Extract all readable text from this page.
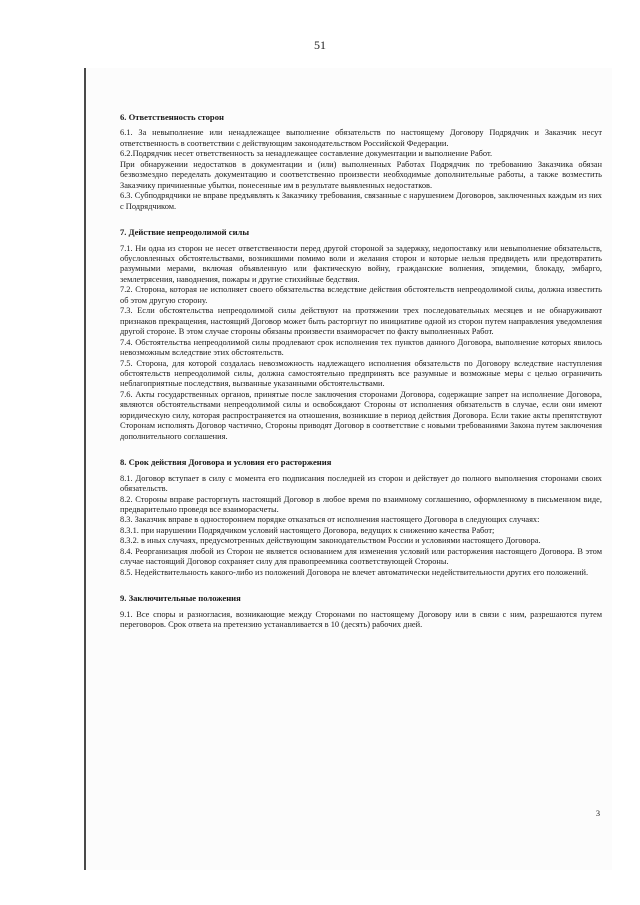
51
6. Ответственность сторон

6.1. За невыполнение или ненадлежащее выполнение обязательств по настоящему Договору Подрядчик и Заказчик несут ответственность в соответствии с действующим законодательством Российской Федерации.

6.2.Подрядчик несет ответственность за ненадлежащее составление документации и выполнение Работ.

При обнаружении недостатков в документации и (или) выполненных Работах Подрядчик по требованию Заказчика обязан безвозмездно переделать документацию и соответственно произвести необходимые дополнительные работы, а также возместить Заказчику причиненные убытки, понесенные им в результате выявленных недостатков.

6.3. Субподрядчики не вправе предъявлять к Заказчику требования, связанные с нарушением Договоров, заключенных каждым из них с Подрядчиком.

7. Действие непреодолимой силы

7.1. Ни одна из сторон не несет ответственности перед другой стороной за задержку, недопоставку или невыполнение обязательств, обусловленных обстоятельствами, возникшими помимо воли и желания сторон и которые нельзя предвидеть или предотвратить разумными мерами, включая объявленную или фактическую войну, гражданские волнения, эпидемии, блокаду, эмбарго, землетрясения, наводнения, пожары и другие стихийные бедствия.

7.2. Сторона, которая не исполняет своего обязательства вследствие действия обстоятельств непреодолимой силы, должна известить об этом другую сторону.

7.3. Если обстоятельства непреодолимой силы действуют на протяжении трех последовательных месяцев и не обнаруживают признаков прекращения, настоящий Договор может быть расторгнут по инициативе одной из сторон путем направления уведомления другой стороне. В этом случае стороны обязаны произвести взаиморасчет по факту выполненных Работ.

7.4. Обстоятельства непреодолимой силы продлевают срок исполнения тех пунктов данного Договора, выполнение которых явилось невозможным вследствие этих обстоятельств.

7.5. Сторона, для которой создалась невозможность надлежащего исполнения обязательств по Договору вследствие наступления обстоятельств непреодолимой силы, должна самостоятельно предпринять все разумные и возможные меры с целью ограничить неблагоприятные последствия, вызванные указанными обстоятельствами.

7.6. Акты государственных органов, принятые после заключения сторонами Договора, содержащие запрет на исполнение Договора, являются обстоятельствами непреодолимой силы и освобождают Стороны от исполнения обязательств в случае, если они имеют юридическую силу, которая распространяется на отношения, возникшие в период действия Договора. Если такие акты препятствуют Сторонам исполнять Договор частично, Стороны приводят Договор в соответствие с новыми требованиями Закона путем заключения дополнительного соглашения.

8. Срок действия Договора и условия его расторжения

8.1. Договор вступает в силу с момента его подписания последней из сторон и действует до полного выполнения сторонами своих обязательств.

8.2. Стороны вправе расторгнуть настоящий Договор в любое время по взаимному соглашению, оформленному в письменном виде, предварительно проведя все взаиморасчеты.

8.3. Заказчик вправе в одностороннем порядке отказаться от исполнения настоящего Договора в следующих случаях:

8.3.1. при нарушении Подрядчиком условий настоящего Договора, ведущих к снижению качества Работ;

8.3.2. в иных случаях, предусмотренных действующим законодательством России и условиями настоящего Договора.

8.4. Реорганизация любой из Сторон не является основанием для изменения условий или расторжения настоящего Договора. В этом случае настоящий Договор сохраняет силу для правопреемника соответствующей Стороны.

8.5. Недействительность какого-либо из положений Договора не влечет автоматически недействительности других его положений.

9. Заключительные положения

9.1. Все споры и разногласия, возникающие между Сторонами по настоящему Договору или в связи с ним, разрешаются путем переговоров. Срок ответа на претензию устанавливается в 10 (десять) рабочих дней.

3
